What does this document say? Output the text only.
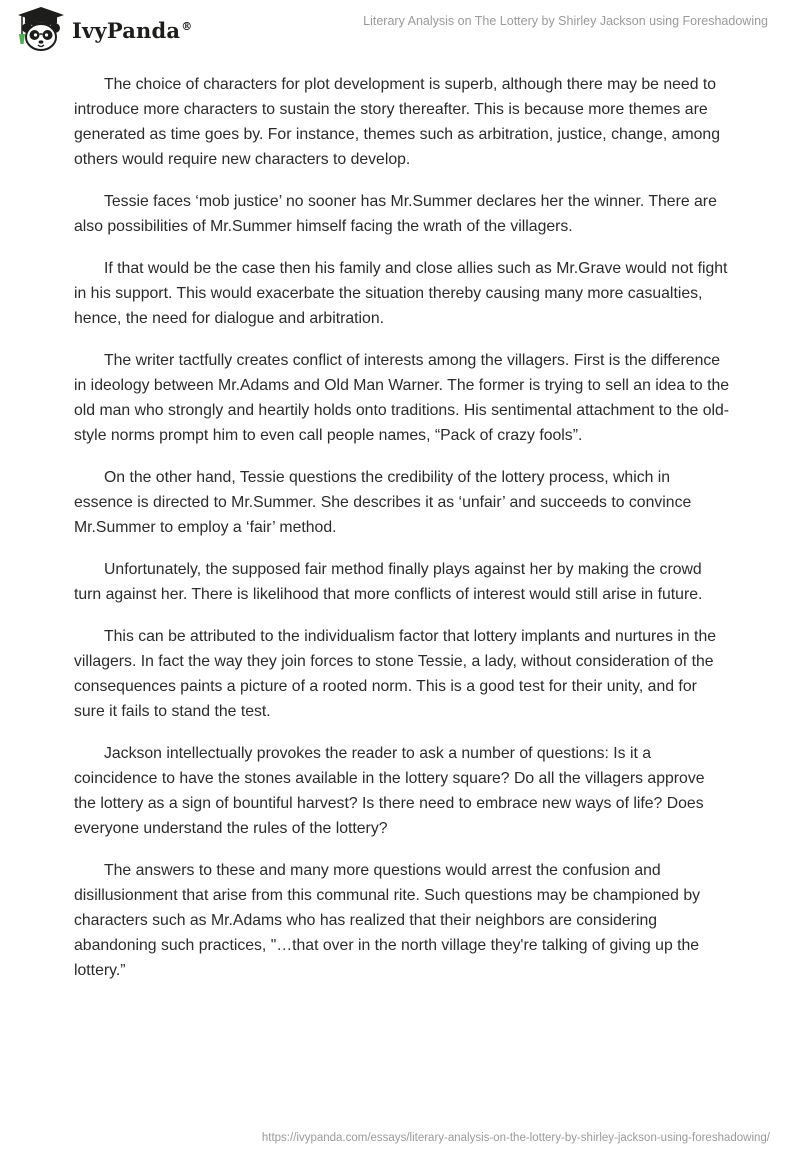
IvyPanda®	Literary Analysis on The Lottery by Shirley Jackson using Foreshadowing

The choice of characters for plot development is superb, although there may be need to introduce more characters to sustain the story thereafter. This is because more themes are generated as time goes by. For instance, themes such as arbitration, justice, change, among others would require new characters to develop.

Tessie faces ‘mob justice’ no sooner has Mr.Summer declares her the winner. There are also possibilities of Mr.Summer himself facing the wrath of the villagers.

If that would be the case then his family and close allies such as Mr.Grave would not fight in his support. This would exacerbate the situation thereby causing many more casualties, hence, the need for dialogue and arbitration.

The writer tactfully creates conflict of interests among the villagers. First is the difference in ideology between Mr.Adams and Old Man Warner. The former is trying to sell an idea to the old man who strongly and heartily holds onto traditions. His sentimental attachment to the old-style norms prompt him to even call people names, “Pack of crazy fools”.

On the other hand, Tessie questions the credibility of the lottery process, which in essence is directed to Mr.Summer. She describes it as ‘unfair’ and succeeds to convince Mr.Summer to employ a ‘fair’ method.

Unfortunately, the supposed fair method finally plays against her by making the crowd turn against her. There is likelihood that more conflicts of interest would still arise in future.

This can be attributed to the individualism factor that lottery implants and nurtures in the villagers. In fact the way they join forces to stone Tessie, a lady, without consideration of the consequences paints a picture of a rooted norm. This is a good test for their unity, and for sure it fails to stand the test.

Jackson intellectually provokes the reader to ask a number of questions: Is it a coincidence to have the stones available in the lottery square? Do all the villagers approve the lottery as a sign of bountiful harvest? Is there need to embrace new ways of life? Does everyone understand the rules of the lottery?

The answers to these and many more questions would arrest the confusion and disillusionment that arise from this communal rite. Such questions may be championed by characters such as Mr.Adams who has realized that their neighbors are considering abandoning such practices, "…that over in the north village they're talking of giving up the lottery.”

https://ivypanda.com/essays/literary-analysis-on-the-lottery-by-shirley-jackson-using-foreshadowing/
